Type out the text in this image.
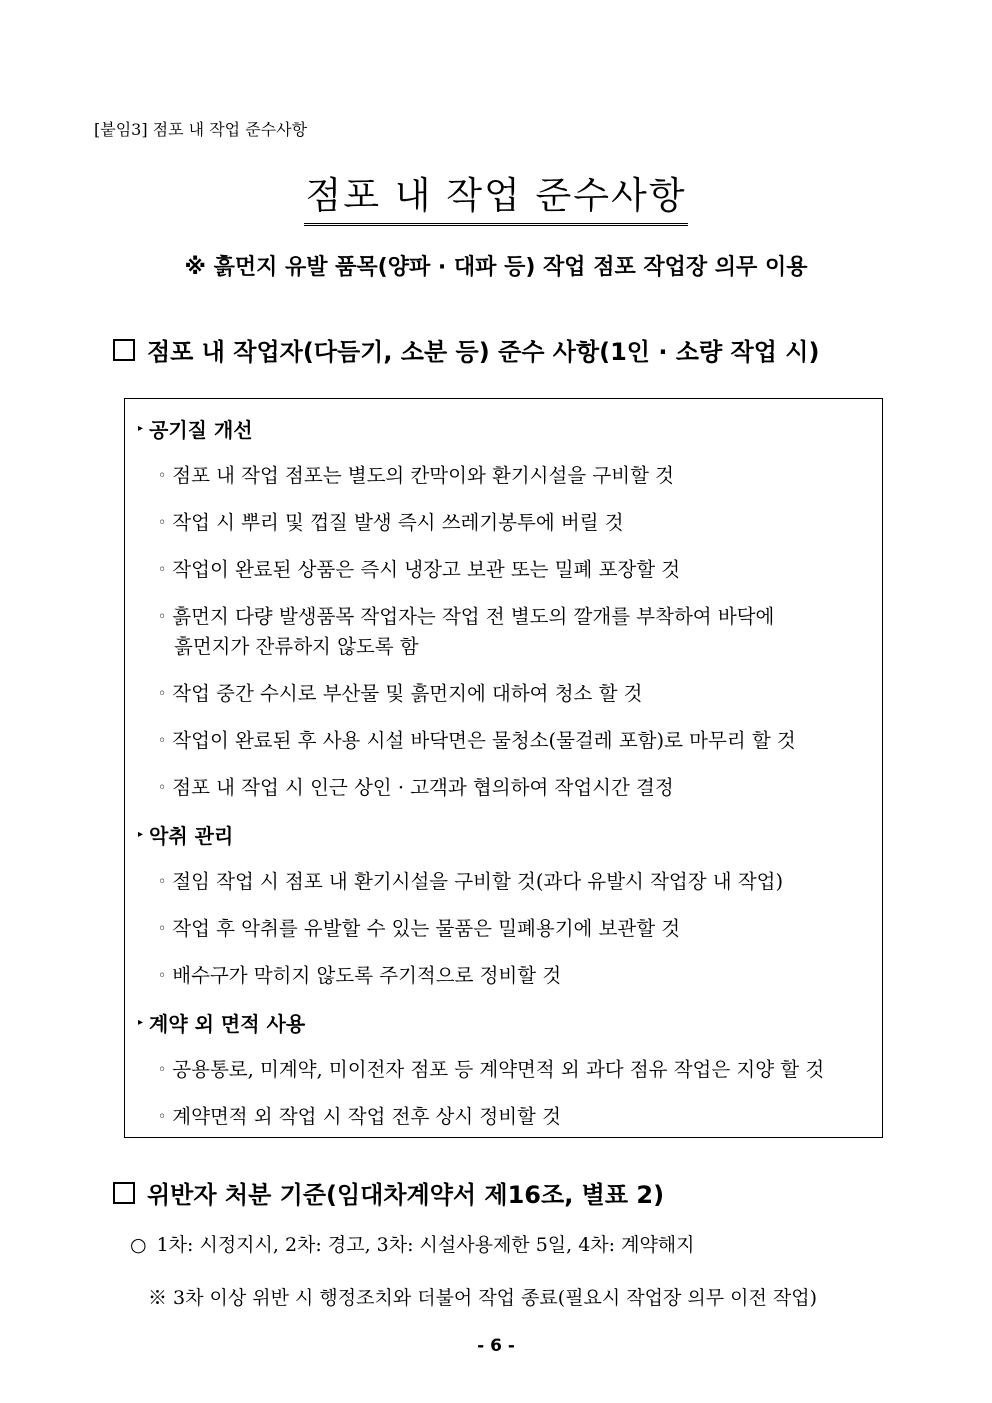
[붙임3] 점포 내 작업 준수사항
점포 내 작업 준수사항
※ 흙먼지 유발 품목(양파 · 대파 등) 작업 점포 작업장 의무 이용
점포 내 작업자(다듬기, 소분 등) 준수 사항(1인 · 소량 작업 시)
▸ 공기질 개선
◦ 점포 내 작업 점포는 별도의 칸막이와 환기시설을 구비할 것
◦ 작업 시 뿌리 및 껍질 발생 즉시 쓰레기봉투에 버릴 것
◦ 작업이 완료된 상품은 즉시 냉장고 보관 또는 밀폐 포장할 것
◦ 흙먼지 다량 발생품목 작업자는 작업 전 별도의 깔개를 부착하여 바닥에
흙먼지가 잔류하지 않도록 함
◦ 작업 중간 수시로 부산물 및 흙먼지에 대하여 청소 할 것
◦ 작업이 완료된 후 사용 시설 바닥면은 물청소(물걸레 포함)로 마무리 할 것
◦ 점포 내 작업 시 인근 상인 · 고객과 협의하여 작업시간 결정
▸ 악취 관리
◦ 절임 작업 시 점포 내 환기시설을 구비할 것(과다 유발시 작업장 내 작업)
◦ 작업 후 악취를 유발할 수 있는 물품은 밀폐용기에 보관할 것
◦ 배수구가 막히지 않도록 주기적으로 정비할 것
▸ 계약 외 면적 사용
◦ 공용통로, 미계약, 미이전자 점포 등 계약면적 외 과다 점유 작업은 지양 할 것
◦ 계약면적 외 작업 시 작업 전후 상시 정비할 것
위반자 처분 기준(임대차계약서 제16조, 별표 2)
○ 1차: 시정지시, 2차: 경고, 3차: 시설사용제한 5일, 4차: 계약해지
※ 3차 이상 위반 시 행정조치와 더불어 작업 종료(필요시 작업장 의무 이전 작업)
- 6 -
